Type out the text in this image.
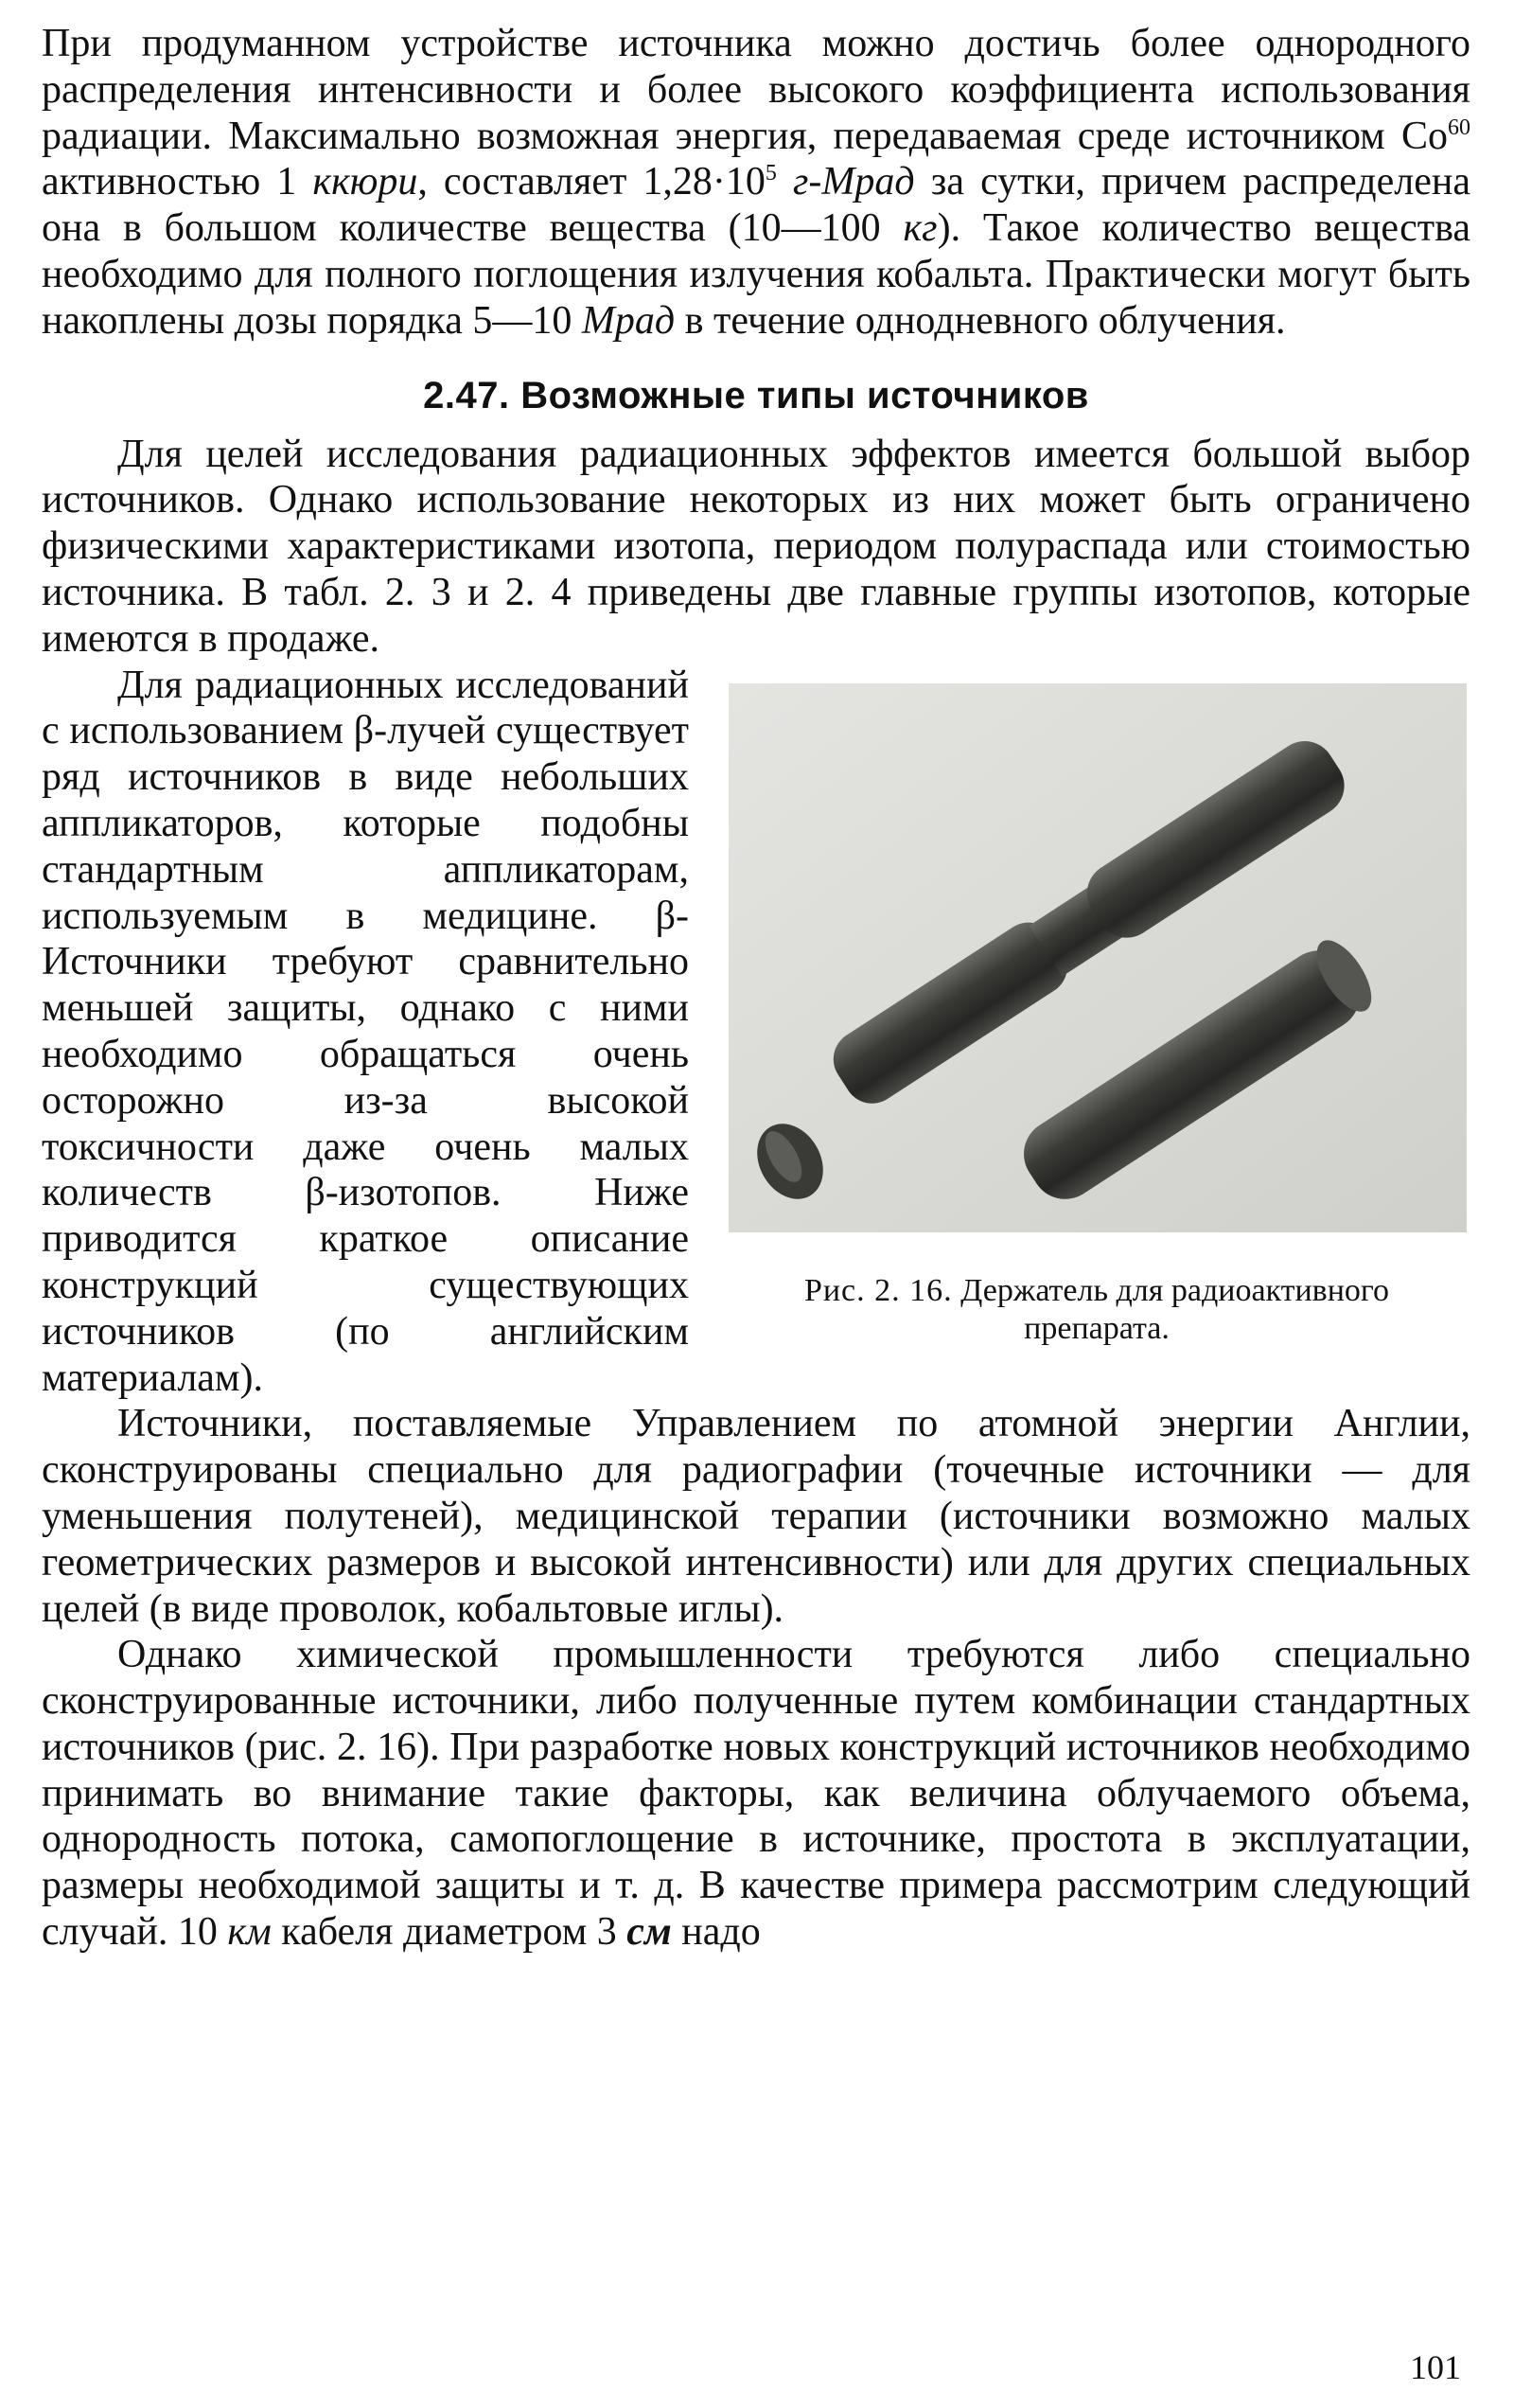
При продуманном устройстве источника можно достичь более однородного распределения интенсивности и более высокого коэффициента использования радиации. Максимально возможная энергия, передаваемая среде источником Co$^{60}$ активностью 1 ккюри, составляет $1,28\cdot 10^5$ г-Мрад за сутки, причем распределена она в большом количестве вещества (10—100 кг). Такое количество вещества необходимо для полного поглощения излучения кобальта. Практически могут быть накоплены дозы порядка 5—10 Мрад в течение однодневного облучения.

2.47. Возможные типы источников

Для целей исследования радиационных эффектов имеется большой выбор источников. Однако использование некоторых из них может быть ограничено физическими характеристиками изотопа, периодом полураспада или стоимостью источника. В табл. 2. 3 и 2. 4 приведены две главные группы изотопов, которые имеются в продаже.

Рис. 2. 16. Держатель для радиоактивного препарата.

Для радиационных исследований с использованием β-лучей существует ряд источников в виде небольших аппликаторов, которые подобны стандартным аппликаторам, используемым в медицине. β-Источники требуют сравнительно меньшей защиты, однако с ними необходимо обращаться очень осторожно из-за высокой токсичности даже очень малых количеств β-изотопов. Ниже приводится краткое описание конструкций существующих источников (по английским материалам).

Источники, поставляемые Управлением по атомной энергии Англии, сконструированы специально для радиографии (точечные источники — для уменьшения полутеней), медицинской терапии (источники возможно малых геометрических размеров и высокой интенсивности) или для других специальных целей (в виде проволок, кобальтовые иглы).

Однако химической промышленности требуются либо специально сконструированные источники, либо полученные путем комбинации стандартных источников (рис. 2. 16). При разработке новых конструкций источников необходимо принимать во внимание такие факторы, как величина облучаемого объема, однородность потока, самопоглощение в источнике, простота в эксплуатации, размеры необходимой защиты и т. д. В качестве примера рассмотрим следующий случай. 10 км кабеля диаметром 3 см надо

101
